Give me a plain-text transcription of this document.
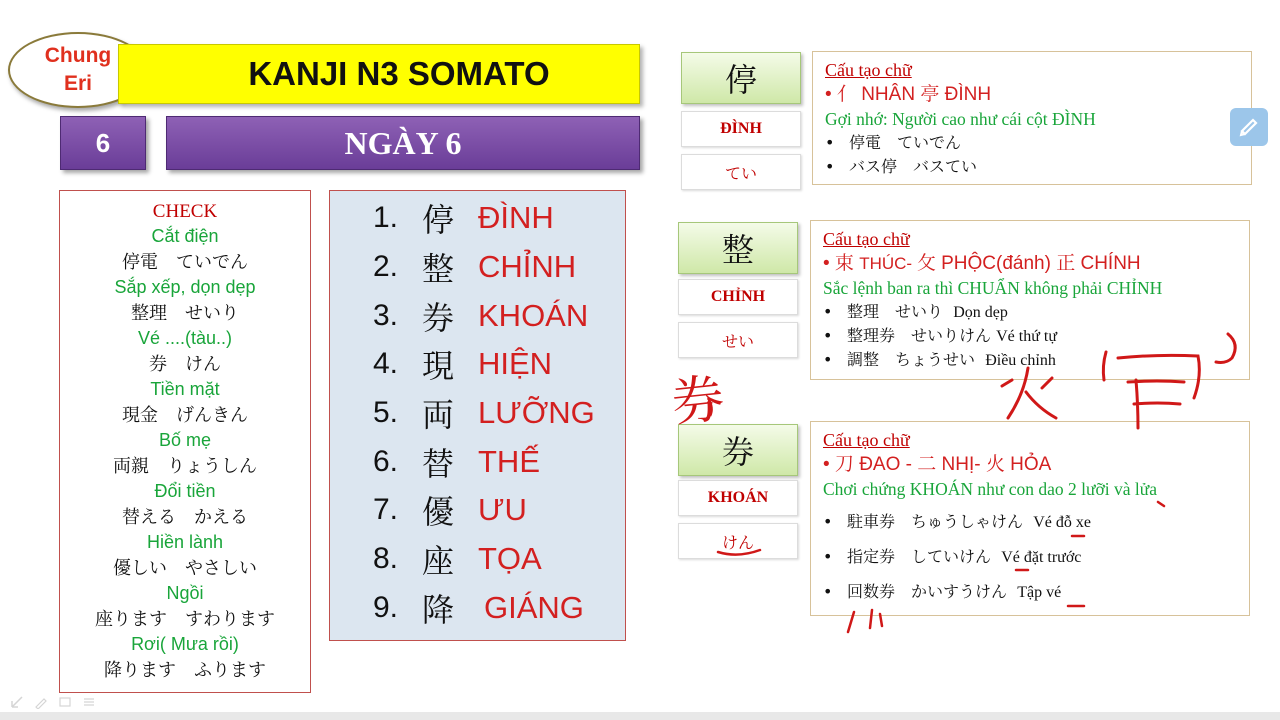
Chung
Eri	KANJI N3 SOMATO
6	NGÀY 6
CHECK
Cắt điện
停電　ていでん
Sắp xếp, dọn dẹp
整理　せいり
Vé ....(tàu..)
券　けん
Tiền mặt
現金　げんきん
Bố mẹ
両親　りょうしん
Đổi tiền
替える　かえる
Hiền lành
優しい　やさしい
Ngồi
座ります　すわります
Rơi( Mưa rồi)
降ります　ふります
1. 停 ĐÌNH
2. 整 CHỈNH
3. 券 KHOÁN
4. 現 HIỆN
5. 両 LƯỠNG
6. 替 THẾ
7. 優 ƯU
8. 座 TỌA
9. 降 GIÁNG
停
ĐÌNH
てい
Cấu tạo chữ
• 亻 NHÂN 亭 ĐÌNH
Gợi nhớ: Người cao như cái cột ĐÌNH
• 停電　ていでん
• バス停　バスてい
整
CHỈNH
せい
Cấu tạo chữ
• 束 THÚC- 攵 PHỘC(đánh) 正 CHÍNH
Sắc lệnh ban ra thì CHUẨN không phải CHỈNH
• 整理　せいり Dọn dẹp
• 整理券　せいりけん Vé thứ tự
• 調整　ちょうせい Điều chỉnh
券
KHOÁN
けん
Cấu tạo chữ
• 刀 ĐAO - 二 NHỊ- 火 HỎA
Chơi chứng KHOÁN như con dao 2 lưỡi và lửa
• 駐車券　ちゅうしゃけん Vé đỗ xe
• 指定券　していけん Vé đặt trước
• 回数券　かいすうけん Tập vé
券
